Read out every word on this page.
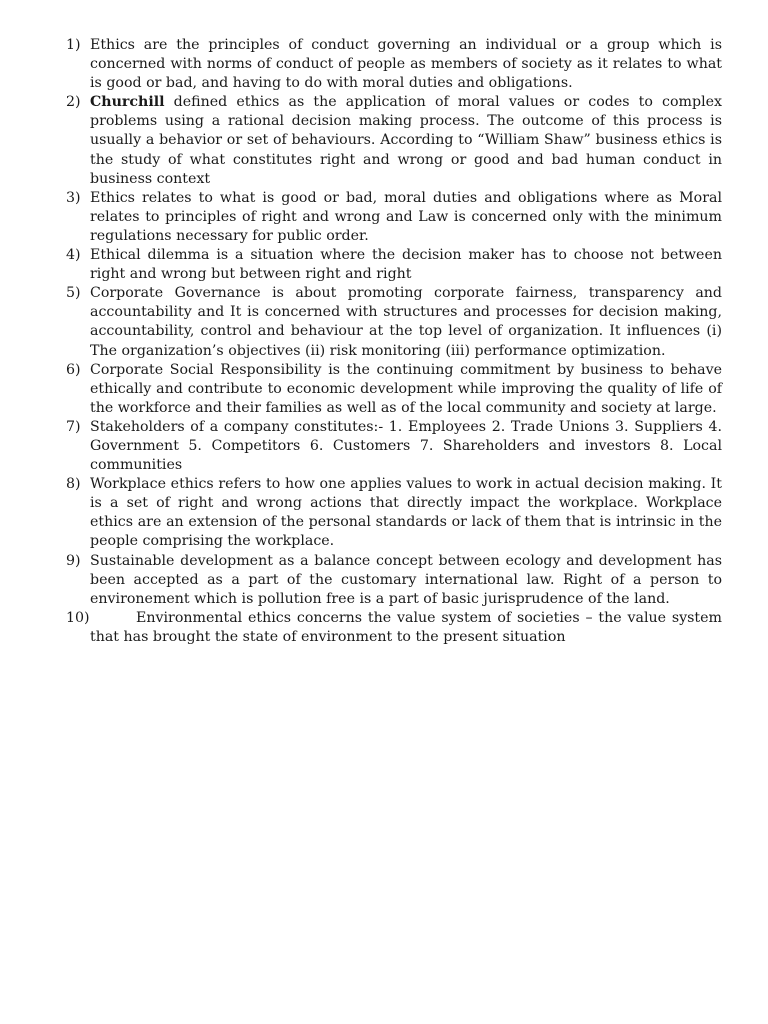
1) Ethics are the principles of conduct governing an individual or a group which is concerned with norms of conduct of people as members of society as it relates to what is good or bad, and having to do with moral duties and obligations.
2) Churchill defined ethics as the application of moral values or codes to complex problems using a rational decision making process. The outcome of this process is usually a behavior or set of behaviours. According to “William Shaw” business ethics is the study of what constitutes right and wrong or good and bad human conduct in business context
3) Ethics relates to what is good or bad, moral duties and obligations where as Moral relates to principles of right and wrong and Law is concerned only with the minimum regulations necessary for public order.
4) Ethical dilemma is a situation where the decision maker has to choose not between right and wrong but between right and right
5) Corporate Governance is about promoting corporate fairness, transparency and accountability and It is concerned with structures and processes for decision making, accountability, control and behaviour at the top level of organization. It influences (i) The organization’s objectives (ii) risk monitoring (iii) performance optimization.
6) Corporate Social Responsibility is the continuing commitment by business to behave ethically and contribute to economic development while improving the quality of life of the workforce and their families as well as of the local community and society at large.
7) Stakeholders of a company constitutes:- 1. Employees 2. Trade Unions 3. Suppliers 4. Government 5. Competitors 6. Customers 7. Shareholders and investors 8. Local communities
8) Workplace ethics refers to how one applies values to work in actual decision making. It is a set of right and wrong actions that directly impact the workplace. Workplace ethics are an extension of the personal standards or lack of them that is intrinsic in the people comprising the workplace.
9) Sustainable development as a balance concept between ecology and development has been accepted as a part of the customary international law. Right of a person to environement which is pollution free is a part of basic jurisprudence of the land.
10)	Environmental ethics concerns the value system of societies – the value system that has brought the state of environment to the present situation
